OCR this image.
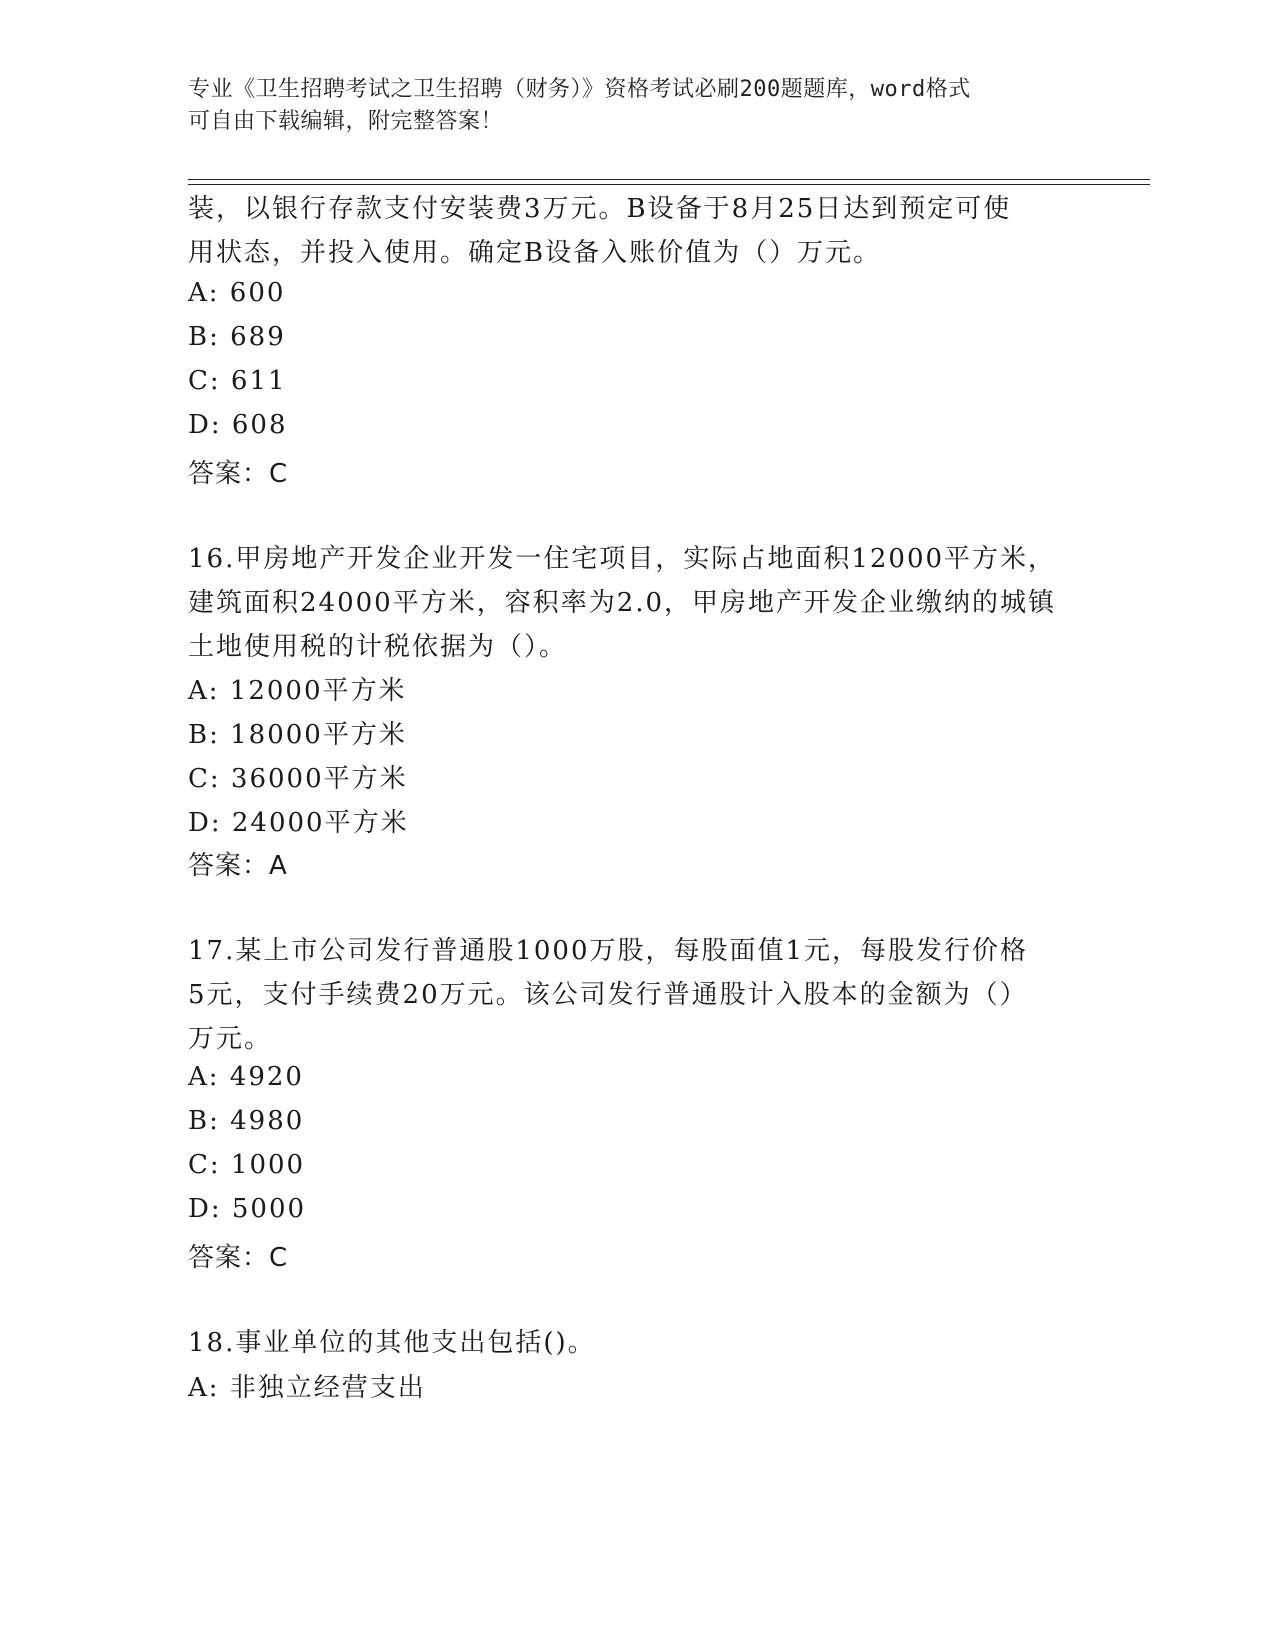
专业《卫生招聘考试之卫生招聘（财务）》资格考试必刷200题题库，word格式
可自由下载编辑，附完整答案！
装，以银行存款支付安装费3万元。B设备于8月25日达到预定可使
用状态，并投入使用。确定B设备入账价值为（）万元。
A: 600
B: 689
C: 611
D: 608
答案：C
16.甲房地产开发企业开发一住宅项目，实际占地面积12000平方米，
建筑面积24000平方米，容积率为2.0，甲房地产开发企业缴纳的城镇
土地使用税的计税依据为（）。
A: 12000平方米
B: 18000平方米
C: 36000平方米
D: 24000平方米
答案：A
17.某上市公司发行普通股1000万股，每股面值1元，每股发行价格
5元，支付手续费20万元。该公司发行普通股计入股本的金额为（）
万元。
A: 4920
B: 4980
C: 1000
D: 5000
答案：C
18.事业单位的其他支出包括()。
A: 非独立经营支出
